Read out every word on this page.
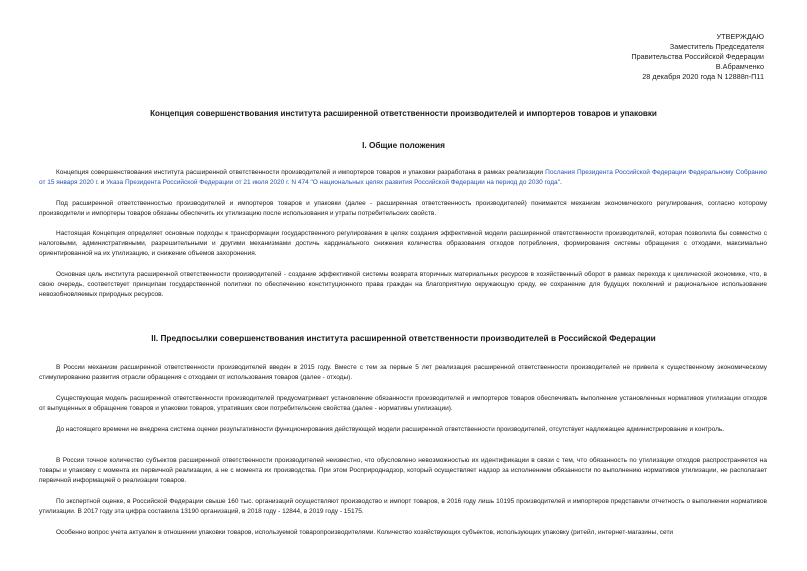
УТВЕРЖДАЮ
Заместитель Председателя
Правительства Российской Федерации
В.Абрамченко
28 декабря 2020 года N 12888п-П11
Концепция совершенствования института расширенной ответственности производителей и импортеров товаров и упаковки
I. Общие положения
Концепция совершенствования института расширенной ответственности производителей и импортеров товаров и упаковки разработана в рамках реализации Послания Президента Российской Федерации Федеральному Собранию от 15 января 2020 г. и Указа Президента Российской Федерации от 21 июля 2020 г. N 474 "О национальных целях развития Российской Федерации на период до 2030 года".
Под расширенной ответственностью производителей и импортеров товаров и упаковки (далее - расширенная ответственность производителей) понимается механизм экономического регулирования, согласно которому производители и импортеры товаров обязаны обеспечить их утилизацию после использования и утраты потребительских свойств.
Настоящая Концепция определяет основные подходы к трансформации государственного регулирования в целях создания эффективной модели расширенной ответственности производителей, которая позволила бы совместно с налоговыми, административными, разрешительными и другими механизмами достичь кардинального снижения количества образования отходов потребления, формирования системы обращения с отходами, максимально ориентированной на их утилизацию, и снижение объемов захоронения.
Основная цель института расширенной ответственности производителей - создание эффективной системы возврата вторичных материальных ресурсов в хозяйственный оборот в рамках перехода к циклической экономике, что, в свою очередь, соответствует принципам государственной политики по обеспечению конституционного права граждан на благоприятную окружающую среду, ее сохранение для будущих поколений и рациональное использование невозобновляемых природных ресурсов.
II. Предпосылки совершенствования института расширенной ответственности производителей в Российской Федерации
В России механизм расширенной ответственности производителей введен в 2015 году. Вместе с тем за первые 5 лет реализация расширенной ответственности производителей не привела к существенному экономическому стимулированию развития отрасли обращения с отходами от использования товаров (далее - отходы).
Существующая модель расширенной ответственности производителей предусматривает установление обязанности производителей и импортеров товаров обеспечивать выполнение установленных нормативов утилизации отходов от выпущенных в обращение товаров и упаковки товаров, утративших свои потребительские свойства (далее - нормативы утилизации).
До настоящего времени не внедрена система оценки результативности функционирования действующей модели расширенной ответственности производителей, отсутствует надлежащее администрирование и контроль.
В России точное количество субъектов расширенной ответственности производителей неизвестно, что обусловлено невозможностью их идентификации в связи с тем, что обязанность по утилизации отходов распространяется на товары и упаковку с момента их первичной реализации, а не с момента их производства. При этом Росприроднадзор, который осуществляет надзор за исполнением обязанности по выполнению нормативов утилизации, не располагает первичной информацией о реализации товаров.
По экспертной оценке, в Российской Федерации свыше 160 тыс. организаций осуществляют производство и импорт товаров, в 2016 году лишь 10195 производителей и импортеров представили отчетность о выполнении нормативов утилизации. В 2017 году эта цифра составила 13190 организаций, в 2018 году - 12844, в 2019 году - 15175.
Особенно вопрос учета актуален в отношении упаковки товаров, используемой товаропроизводителями. Количество хозяйствующих субъектов, использующих упаковку (ритейл, интернет-магазины, сети
